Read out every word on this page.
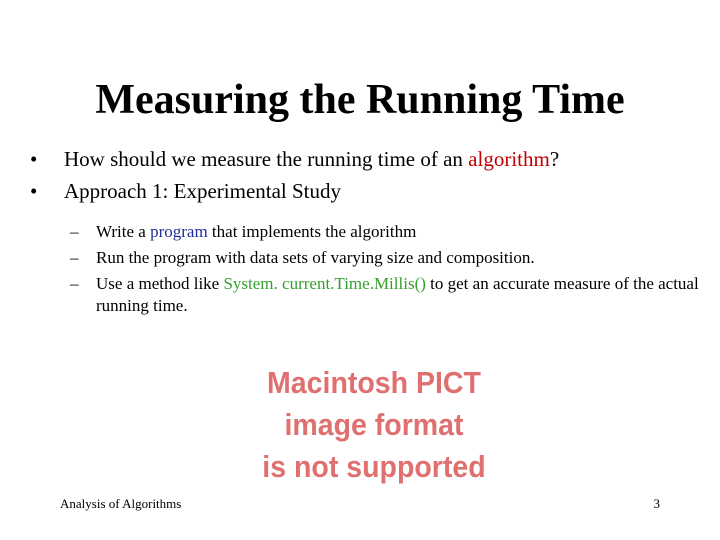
Measuring the Running Time
•	How should we measure the running time of an algorithm?
•	Approach 1: Experimental Study
–	Write a program that implements the algorithm
–	Run the program with data sets of varying size and composition.
–	Use a method like System. current.Time.Millis() to get an accurate measure of the actual running time.
Macintosh PICT
image format
is not supported
Analysis of Algorithms	3
